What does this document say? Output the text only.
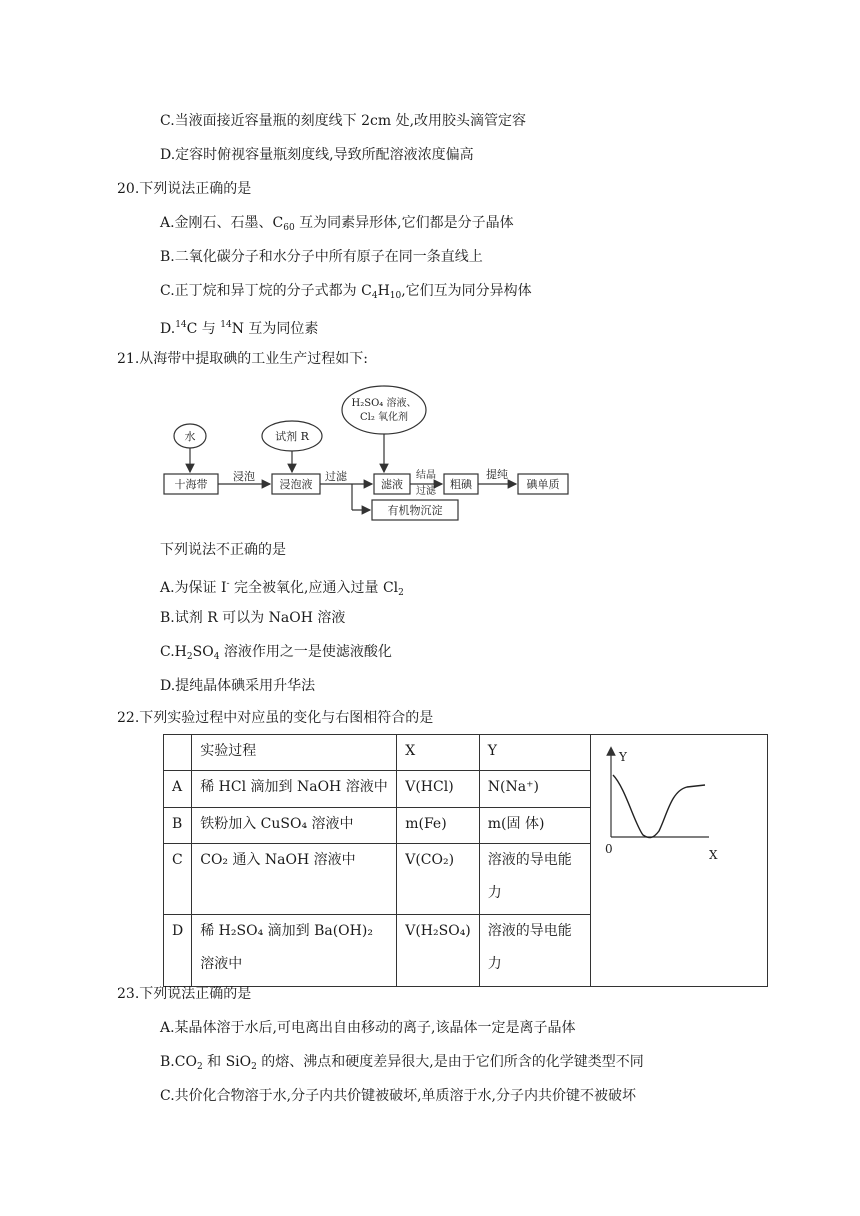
C.当液面接近容量瓶的刻度线下 2cm 处,改用胶头滴管定容
D.定容时俯视容量瓶刻度线,导致所配溶液浓度偏高
20.下列说法正确的是
A.金刚石、石墨、$C_{60}$ 互为同素异形体,它们都是分子晶体
B.二氧化碳分子和水分子中所有原子在同一条直线上
C.正丁烷和异丁烷的分子式都为 $C_4H_{10}$,它们互为同分异构体
D.$^{14}$C 与 $^{14}$N 互为同位素
21.从海带中提取碘的工业生产过程如下:
水
十海带
浸泡
试剂 R
浸泡液
过滤
H₂SO₄ 溶液、
Cl₂ 氧化剂
滤液
结晶
过滤
粗碘
提纯
碘单质
有机物沉淀
下列说法不正确的是
A.为保证 I- 完全被氧化,应通入过量 $Cl_2$
B.试剂 R 可以为 NaOH 溶液
$C.H_2SO_4$ 溶液作用之一是使滤液酸化
D.提纯晶体碘采用升华法
22.下列实验过程中对应虽的变化与右图相符合的是
	实验过程	X	Y	Y
0 X

A	稀 HCl 滴加到 NaOH 溶液中	V(HCl)	N(Na⁺)	
B	铁粉加入 CuSO₄ 溶液中	m(Fe)	m(固 体)	
C	CO₂ 通入 NaOH 溶液中	V(CO₂)	溶液的导电能力	
D	稀 H₂SO₄ 滴加到 Ba(OH)₂ 溶液中	V(H₂SO₄)	溶液的导电能力	
23.下列说法正确的是
A.某晶体溶于水后,可电离出自由移动的离子,该晶体一定是离子晶体
$B.CO_2$ 和 SiO$_2$ 的熔、沸点和硬度差异很大,是由于它们所含的化学键类型不同
C.共价化合物溶于水,分子内共价键被破坏,单质溶于水,分子内共价键不被破坏
